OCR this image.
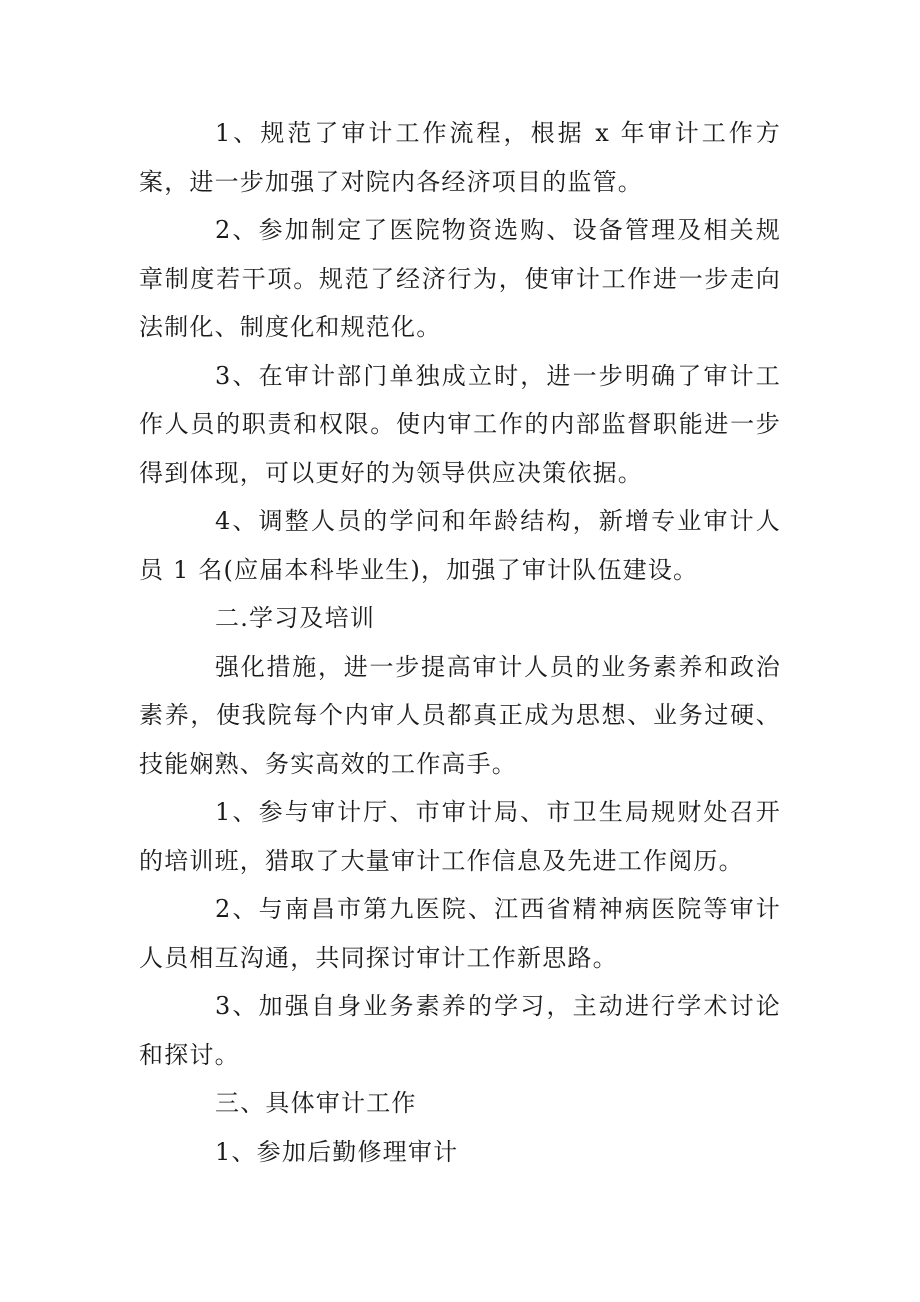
1、规范了审计工作流程，根据 x 年审计工作方案，进一步加强了对院内各经济项目的监管。

2、参加制定了医院物资选购、设备管理及相关规章制度若干项。规范了经济行为，使审计工作进一步走向法制化、制度化和规范化。

3、在审计部门单独成立时，进一步明确了审计工作人员的职责和权限。使内审工作的内部监督职能进一步得到体现，可以更好的为领导供应决策依据。

4、调整人员的学问和年龄结构，新增专业审计人员 1 名(应届本科毕业生)，加强了审计队伍建设。

二.学习及培训

强化措施，进一步提高审计人员的业务素养和政治素养，使我院每个内审人员都真正成为思想、业务过硬、技能娴熟、务实高效的工作高手。

1、参与审计厅、市审计局、市卫生局规财处召开的培训班，猎取了大量审计工作信息及先进工作阅历。

2、与南昌市第九医院、江西省精神病医院等审计人员相互沟通，共同探讨审计工作新思路。

3、加强自身业务素养的学习，主动进行学术讨论和探讨。

三、具体审计工作

1、参加后勤修理审计
